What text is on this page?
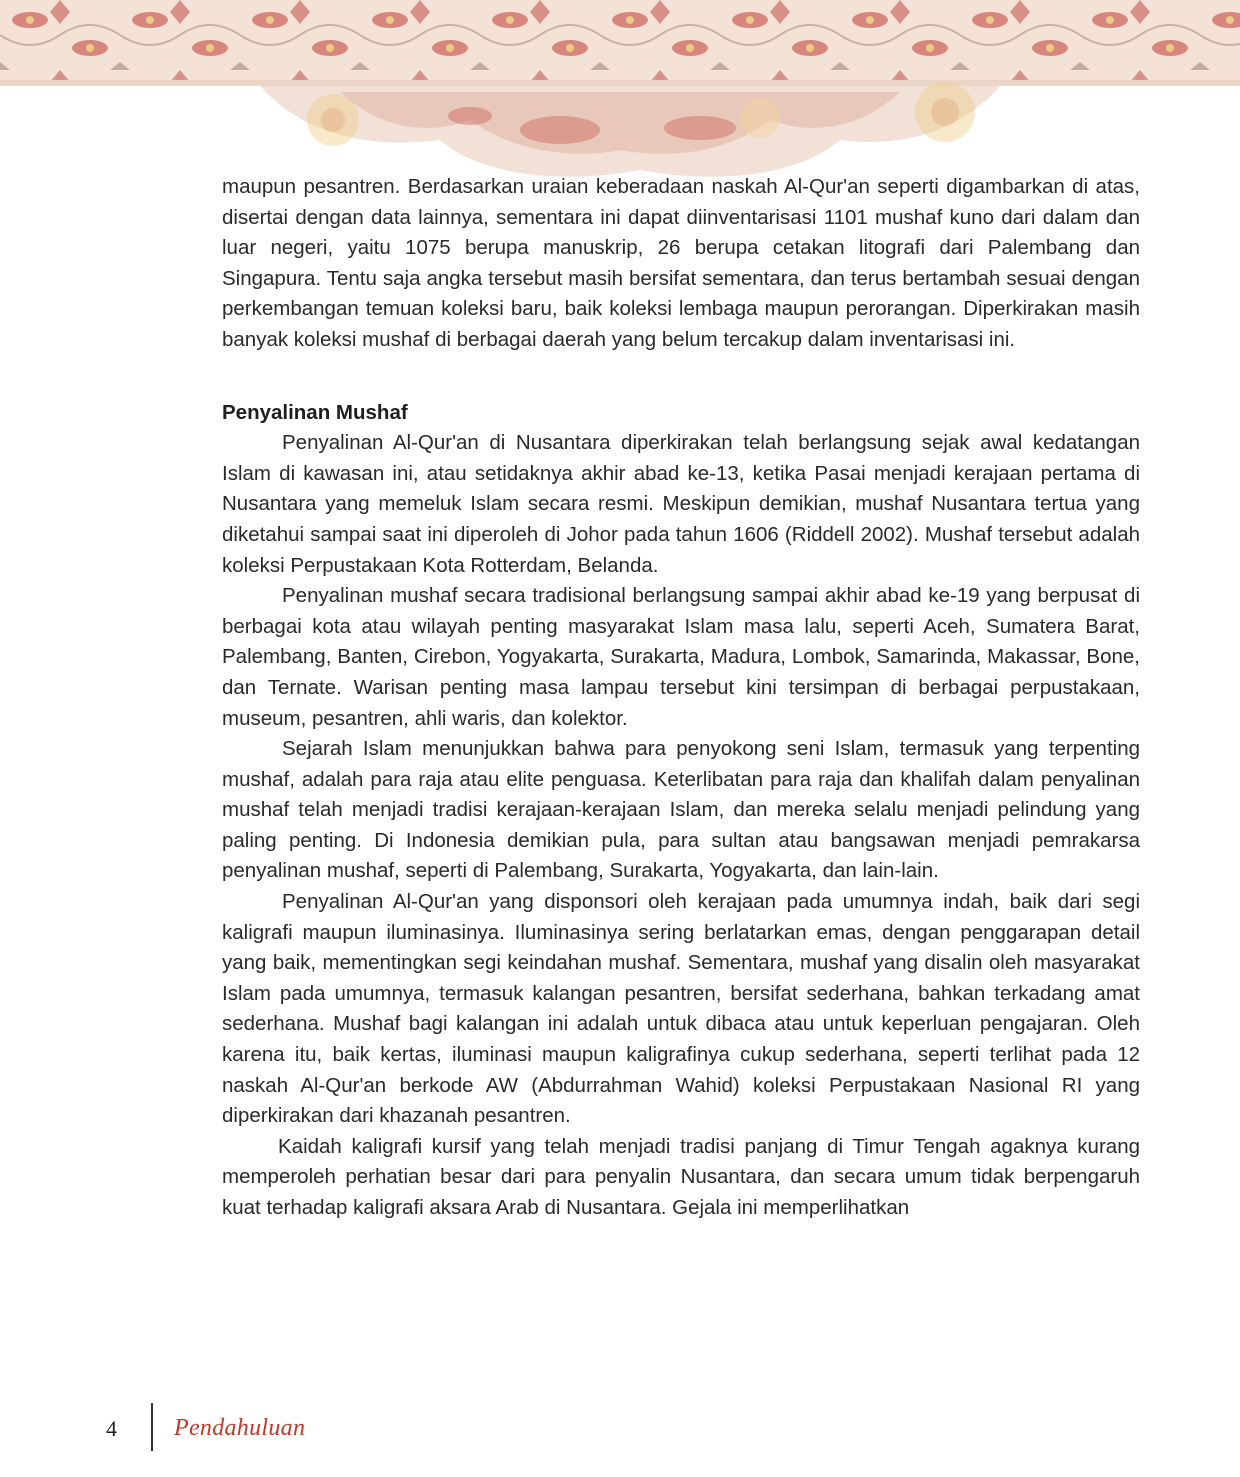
maupun pesantren. Berdasarkan uraian keberadaan naskah Al-Qur'an seperti digambarkan di atas, disertai dengan data lainnya, sementara ini dapat diinventarisasi 1101 mushaf kuno dari dalam dan luar negeri, yaitu 1075 berupa manuskrip, 26 berupa cetakan litografi dari Palembang dan Singapura. Tentu saja angka tersebut masih bersifat sementara, dan terus bertambah sesuai dengan perkembangan temuan koleksi baru, baik koleksi lembaga maupun perorangan. Diperkirakan masih banyak koleksi mushaf di berbagai daerah yang belum tercakup dalam inventarisasi ini.

Penyalinan Mushaf

Penyalinan Al-Qur'an di Nusantara diperkirakan telah berlangsung sejak awal kedatangan Islam di kawasan ini, atau setidaknya akhir abad ke-13, ketika Pasai menjadi kerajaan pertama di Nusantara yang memeluk Islam secara resmi. Meskipun demikian, mushaf Nusantara tertua yang diketahui sampai saat ini diperoleh di Johor pada tahun 1606 (Riddell 2002). Mushaf tersebut adalah koleksi Perpustakaan Kota Rotterdam, Belanda.

Penyalinan mushaf secara tradisional berlangsung sampai akhir abad ke-19 yang berpusat di berbagai kota atau wilayah penting masyarakat Islam masa lalu, seperti Aceh, Sumatera Barat, Palembang, Banten, Cirebon, Yogyakarta, Surakarta, Madura, Lombok, Samarinda, Makassar, Bone, dan Ternate. Warisan penting masa lampau tersebut kini tersimpan di berbagai perpustakaan, museum, pesantren, ahli waris, dan kolektor.

Sejarah Islam menunjukkan bahwa para penyokong seni Islam, termasuk yang terpenting mushaf, adalah para raja atau elite penguasa. Keterlibatan para raja dan khalifah dalam penyalinan mushaf telah menjadi tradisi kerajaan-kerajaan Islam, dan mereka selalu menjadi pelindung yang paling penting. Di Indonesia demikian pula, para sultan atau bangsawan menjadi pemrakarsa penyalinan mushaf, seperti di Palembang, Surakarta, Yogyakarta, dan lain-lain.

Penyalinan Al-Qur'an yang disponsori oleh kerajaan pada umumnya indah, baik dari segi kaligrafi maupun iluminasinya. Iluminasinya sering berlatarkan emas, dengan penggarapan detail yang baik, mementingkan segi keindahan mushaf. Sementara, mushaf yang disalin oleh masyarakat Islam pada umumnya, termasuk kalangan pesantren, bersifat sederhana, bahkan terkadang amat sederhana. Mushaf bagi kalangan ini adalah untuk dibaca atau untuk keperluan pengajaran. Oleh karena itu, baik kertas, iluminasi maupun kaligrafinya cukup sederhana, seperti terlihat pada 12 naskah Al-Qur'an berkode AW (Abdurrahman Wahid) koleksi Perpustakaan Nasional RI yang diperkirakan dari khazanah pesantren.

Kaidah kaligrafi kursif yang telah menjadi tradisi panjang di Timur Tengah agaknya kurang memperoleh perhatian besar dari para penyalin Nusantara, dan secara umum tidak berpengaruh kuat terhadap kaligrafi aksara Arab di Nusantara. Gejala ini memperlihatkan

4 Pendahuluan
